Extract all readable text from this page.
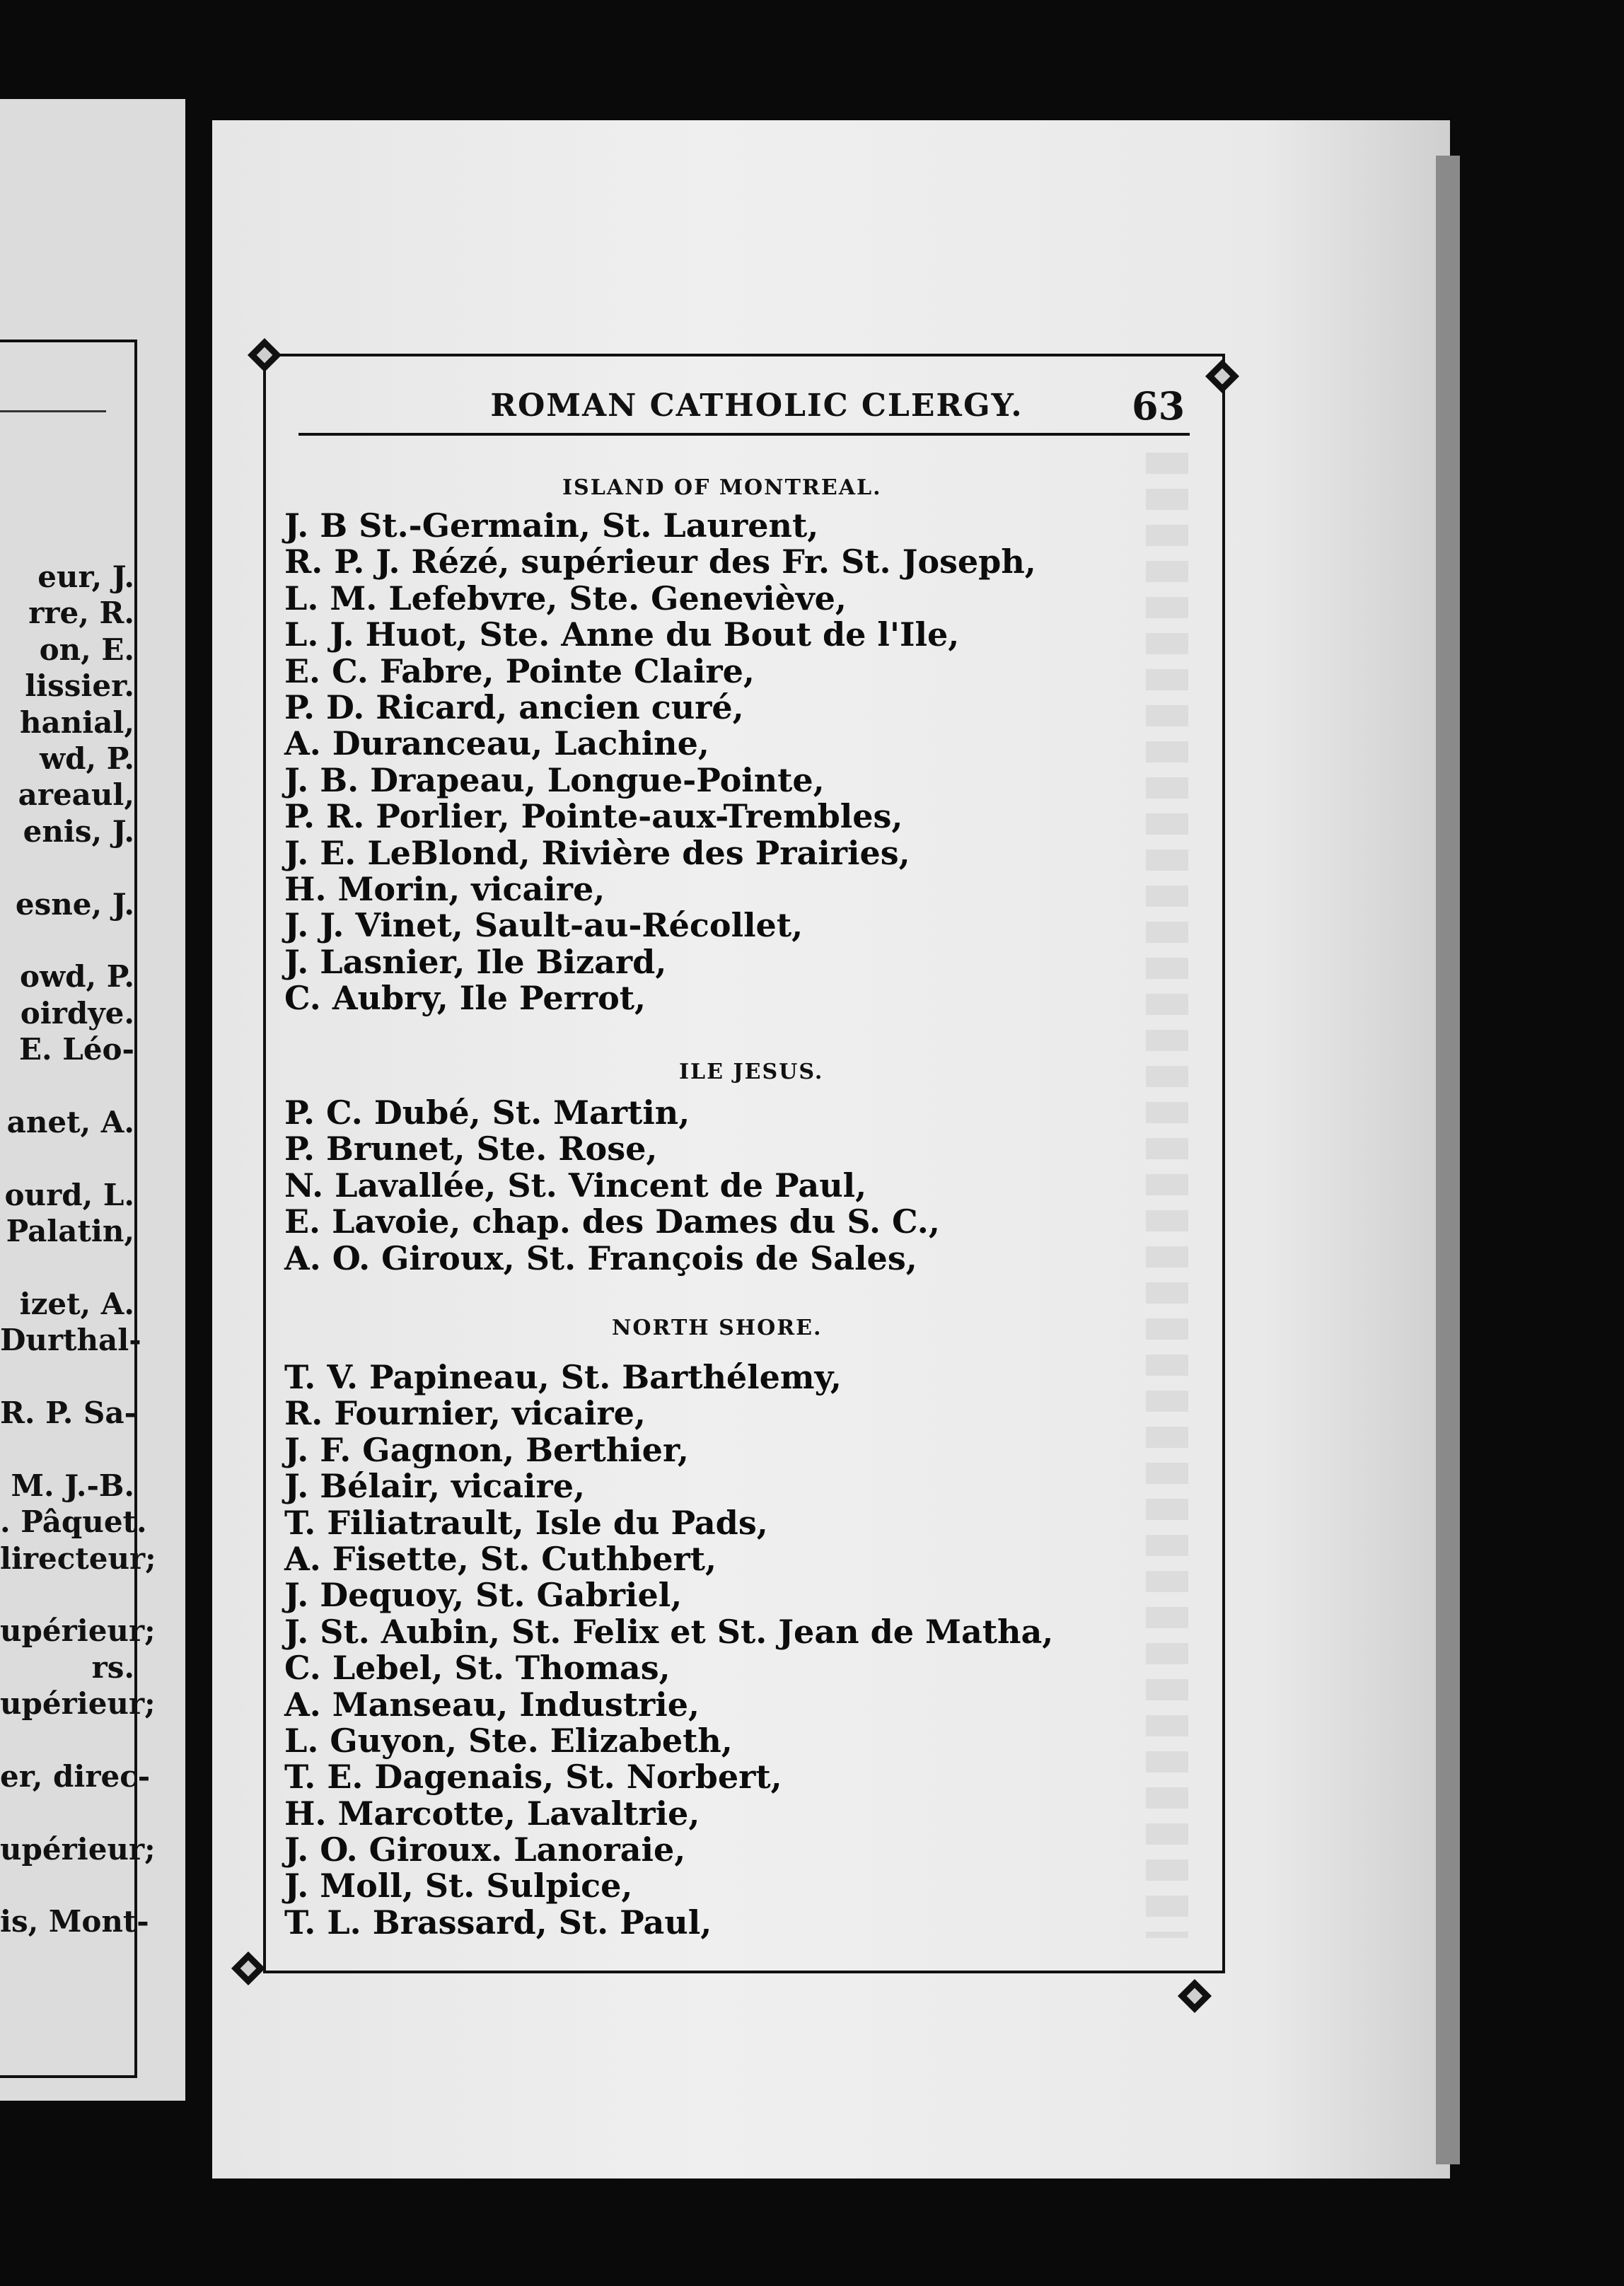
eur, J.
rre, R.
on, E.
lissier.
hanial,
wd, P.
areaul,
enis, J.
esne, J.
owd, P.
oirdye.
E. Léo-
anet, A.
ourd, L.
Palatin,
izet, A.
Durthal-
R. P. Sa-
M. J.-B.
. Pâquet.
lirecteur;
upérieur;
rs.
upérieur;
er, direc-
upérieur;
is, Mont-
ROMAN CATHOLIC CLERGY.	63
ISLAND OF MONTREAL.
J. B St.-Germain, St. Laurent,
R. P. J. Rézé, supérieur des Fr. St. Joseph,
L. M. Lefebvre, Ste. Geneviève,
L. J. Huot, Ste. Anne du Bout de l'Ile,
E. C. Fabre, Pointe Claire,
P. D. Ricard, ancien curé,
A. Duranceau, Lachine,
J. B. Drapeau, Longue-Pointe,
P. R. Porlier, Pointe-aux-Trembles,
J. E. LeBlond, Rivière des Prairies,
H. Morin, vicaire,
J. J. Vinet, Sault-au-Récollet,
J. Lasnier, Ile Bizard,
C. Aubry, Ile Perrot,
ILE JESUS.
P. C. Dubé, St. Martin,
P. Brunet, Ste. Rose,
N. Lavallée, St. Vincent de Paul,
E. Lavoie, chap. des Dames du S. C.,
A. O. Giroux, St. François de Sales,
NORTH SHORE.
T. V. Papineau, St. Barthélemy,
R. Fournier, vicaire,
J. F. Gagnon, Berthier,
J. Bélair, vicaire,
T. Filiatrault, Isle du Pads,
A. Fisette, St. Cuthbert,
J. Dequoy, St. Gabriel,
J. St. Aubin, St. Felix et St. Jean de Matha,
C. Lebel, St. Thomas,
A. Manseau, Industrie,
L. Guyon, Ste. Elizabeth,
T. E. Dagenais, St. Norbert,
H. Marcotte, Lavaltrie,
J. O. Giroux. Lanoraie,
J. Moll, St. Sulpice,
T. L. Brassard, St. Paul,
